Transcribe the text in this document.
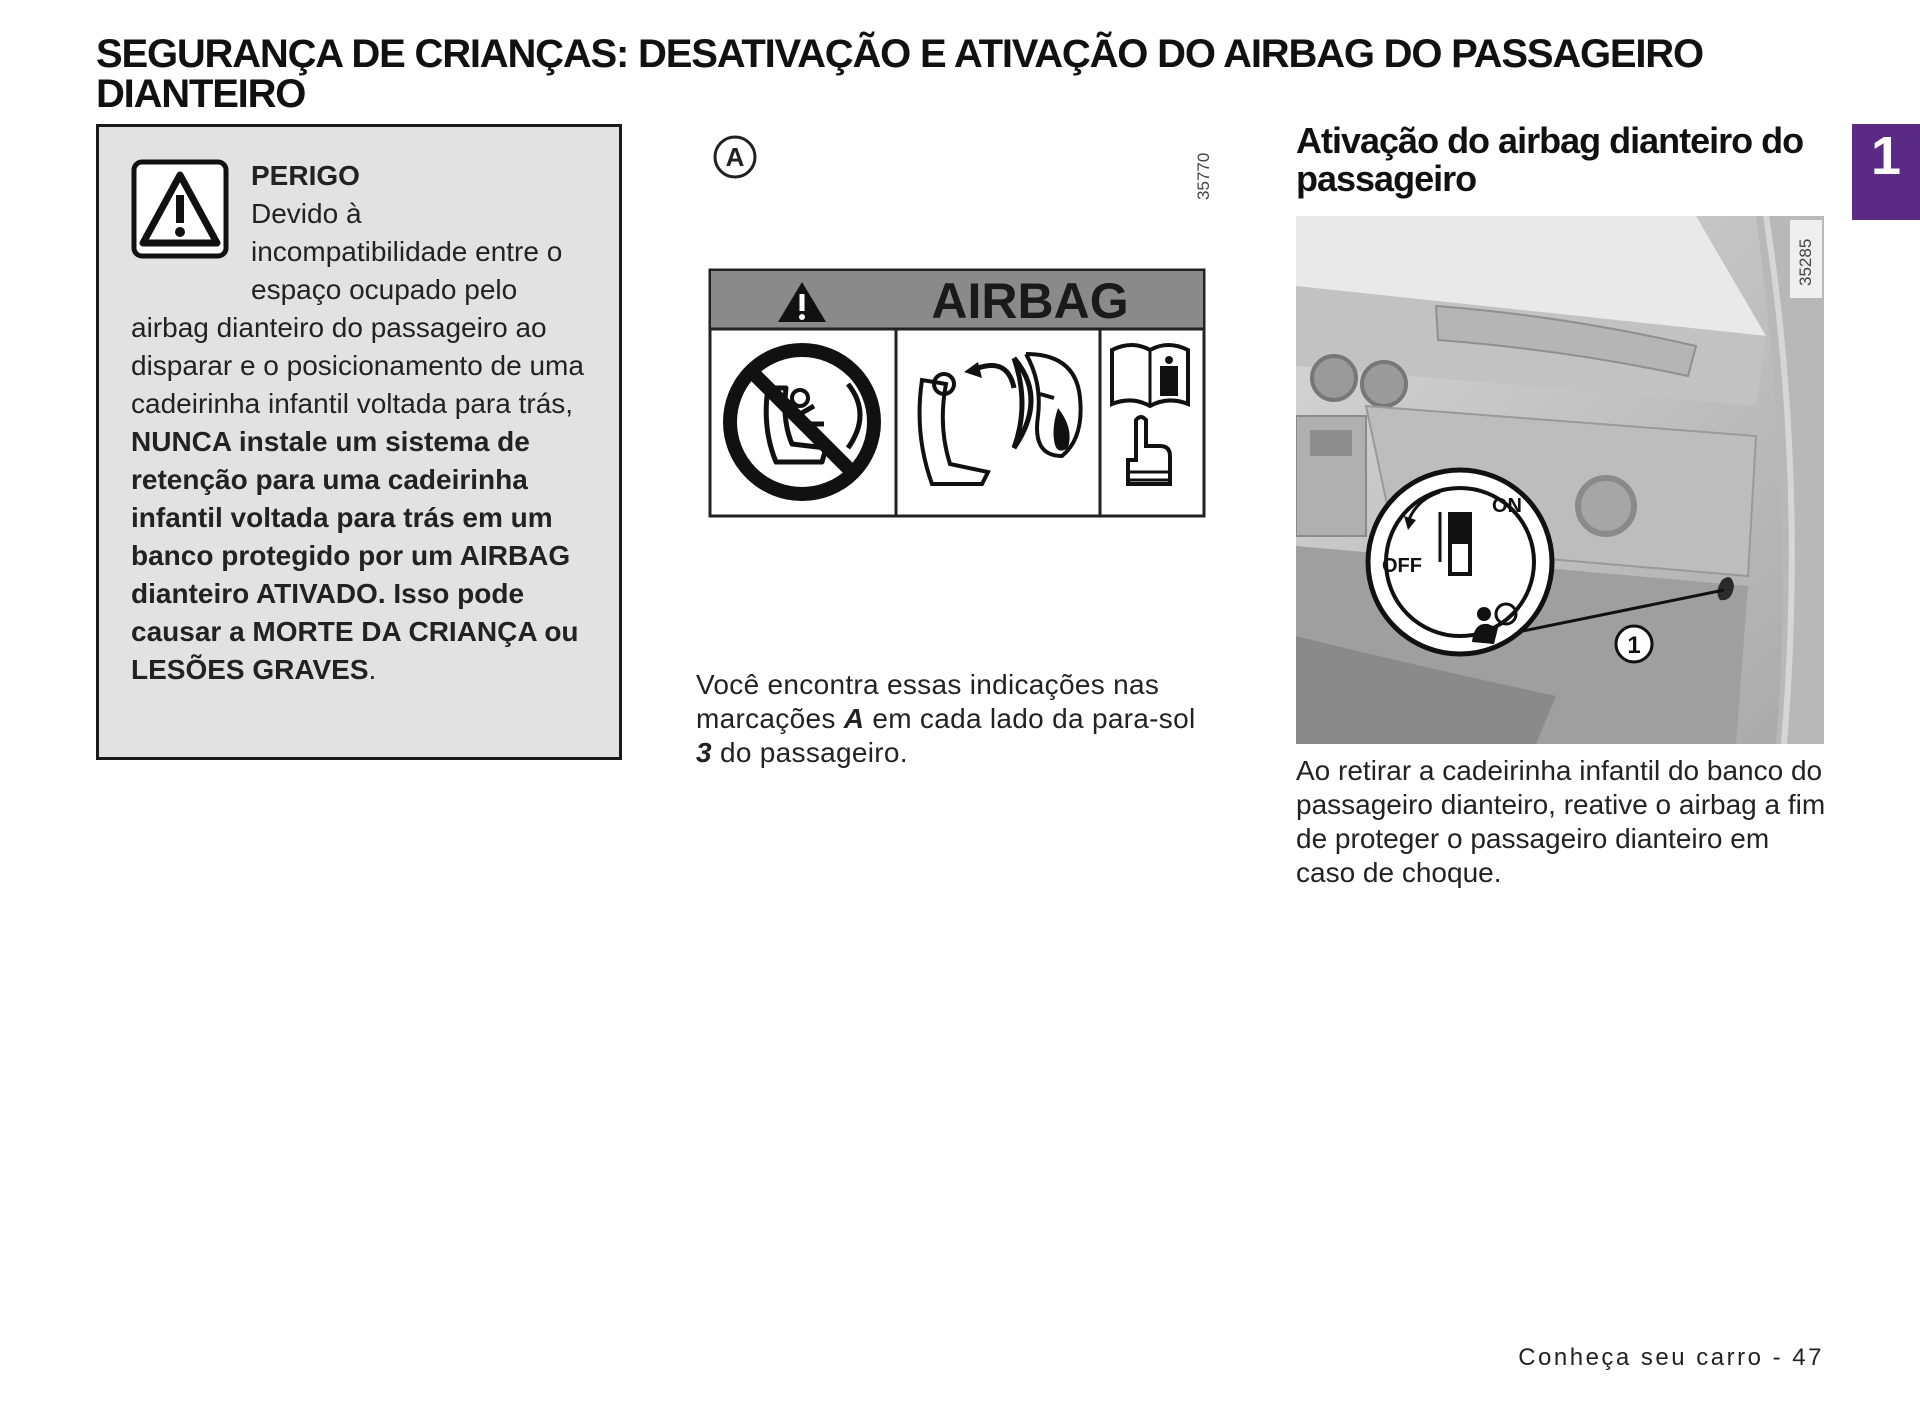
SEGURANÇA DE CRIANÇAS: DESATIVAÇÃO E ATIVAÇÃO DO AIRBAG DO PASSAGEIRO
DIANTEIRO
1
PERIGO
Devido à
incompatibilidade entre o
espaço ocupado pelo
airbag dianteiro do passageiro ao disparar e o posicionamento de uma cadeirinha infantil voltada para trás, NUNCA instale um sistema de retenção para uma cadeirinha infantil voltada para trás em um banco protegido por um AIRBAG dianteiro ATIVADO. Isso pode causar a MORTE DA CRIANÇA ou LESÕES GRAVES.
A	35770
AIRBAG
Você encontra essas indicações nas marcações A em cada lado da para-sol 3 do passageiro.
Ativação do airbag dianteiro do passageiro
ON
OFF
1
35285
Ao retirar a cadeirinha infantil do banco do passageiro dianteiro, reative o airbag a fim de proteger o passageiro dianteiro em caso de choque.
Conheça seu carro - 47
